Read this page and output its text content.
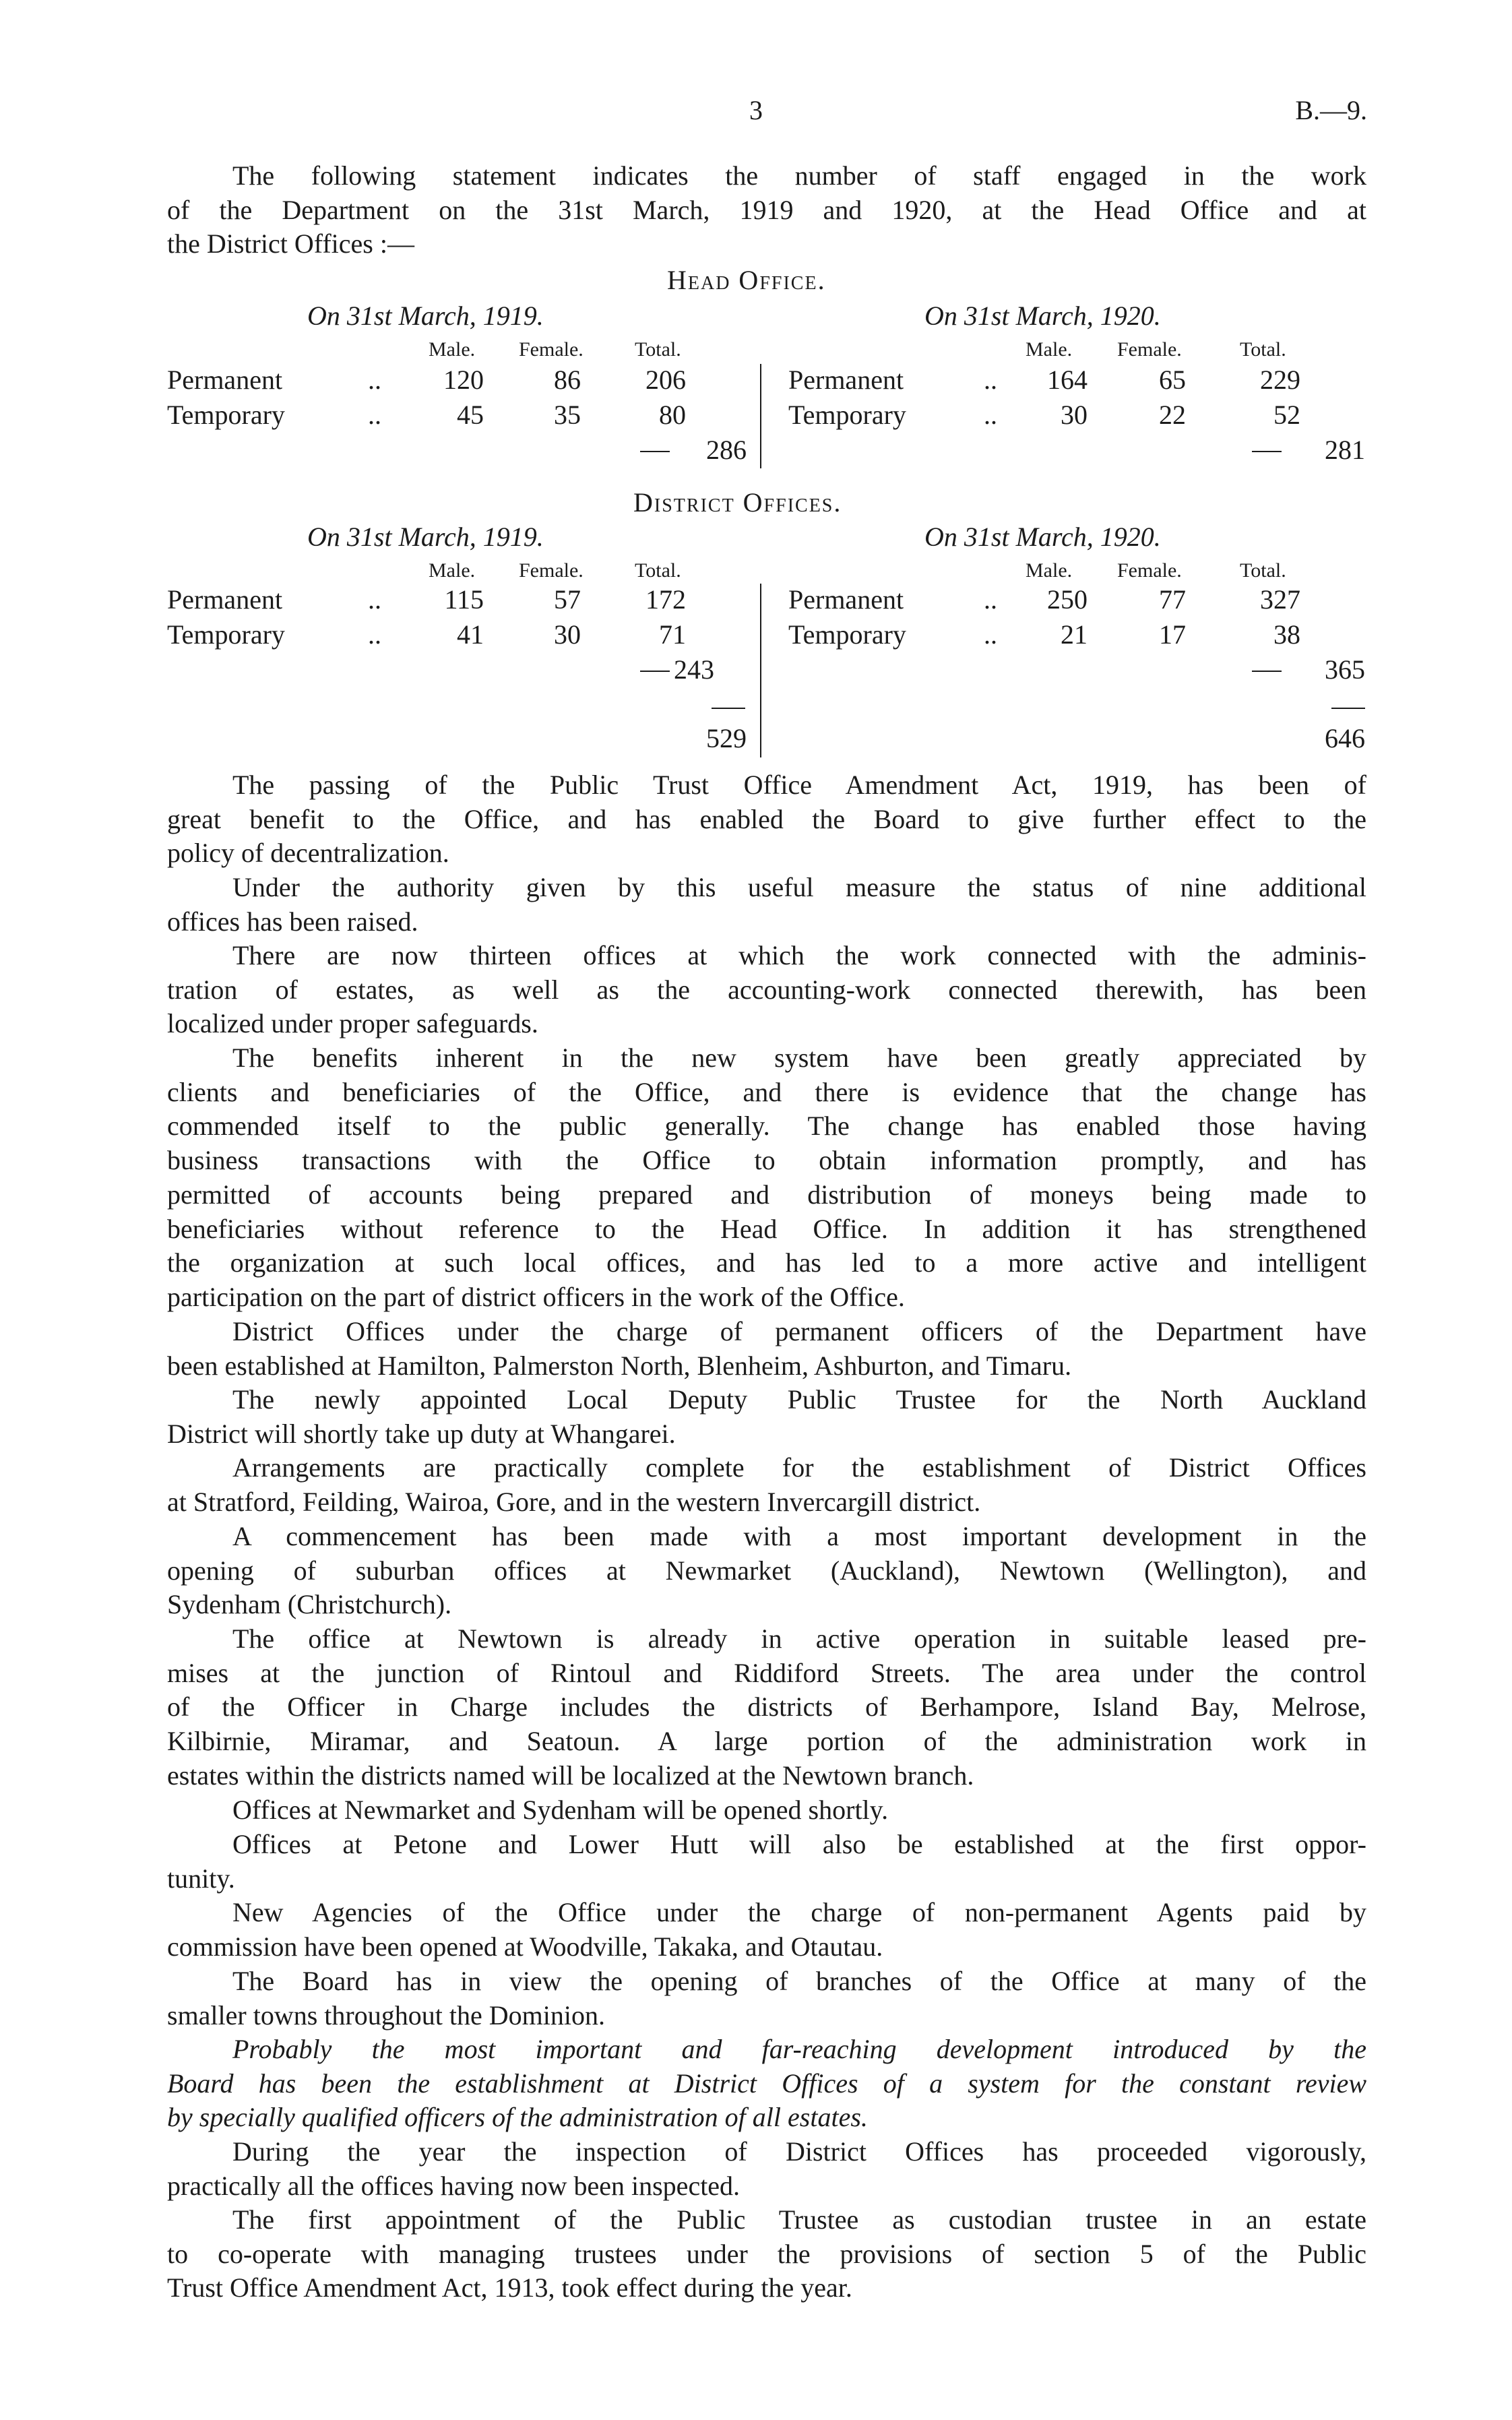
3	B.—9.
The following statement indicates the number of staff engaged in the work
of the Department on the 31st March, 1919 and 1920, at the Head Office and at
the District Offices :—
Head Office.
On 31st March, 1919.	On 31st March, 1920.
Male. Female.	Total.	Male. Female.	Total.
Permanent	..	120	86	206
Temporary	..	45	35	80
286
Permanent	..	164	65	229
Temporary	..	30	22	52
281
District Offices.
On 31st March, 1919.	On 31st March, 1920.
Male. Female.	Total.	Male. Female.	Total.
Permanent	..	115	57	172
Temporary	..	41	30	71
243
529
Permanent	..	250	77	327
Temporary	..	21	17	38
365
646
The passing of the Public Trust Office Amendment Act, 1919, has been of
great benefit to the Office, and has enabled the Board to give further effect to the
policy of decentralization.
Under the authority given by this useful measure the status of nine additional
offices has been raised.
There are now thirteen offices at which the work connected with the adminis-
tration of estates, as well as the accounting-work connected therewith, has been
localized under proper safeguards.
The benefits inherent in the new system have been greatly appreciated by
clients and beneficiaries of the Office, and there is evidence that the change has
commended itself to the public generally. The change has enabled those having
business transactions with the Office to obtain information promptly, and has
permitted of accounts being prepared and distribution of moneys being made to
beneficiaries without reference to the Head Office. In addition it has strengthened
the organization at such local offices, and has led to a more active and intelligent
participation on the part of district officers in the work of the Office.
District Offices under the charge of permanent officers of the Department have
been established at Hamilton, Palmerston North, Blenheim, Ashburton, and Timaru.
The newly appointed Local Deputy Public Trustee for the North Auckland
District will shortly take up duty at Whangarei.
Arrangements are practically complete for the establishment of District Offices
at Stratford, Feilding, Wairoa, Gore, and in the western Invercargill district.
A commencement has been made with a most important development in the
opening of suburban offices at Newmarket (Auckland), Newtown (Wellington), and
Sydenham (Christchurch).
The office at Newtown is already in active operation in suitable leased pre-
mises at the junction of Rintoul and Riddiford Streets. The area under the control
of the Officer in Charge includes the districts of Berhampore, Island Bay, Melrose,
Kilbirnie, Miramar, and Seatoun. A large portion of the administration work in
estates within the districts named will be localized at the Newtown branch.
Offices at Newmarket and Sydenham will be opened shortly.
Offices at Petone and Lower Hutt will also be established at the first oppor-
tunity.
New Agencies of the Office under the charge of non-permanent Agents paid by
commission have been opened at Woodville, Takaka, and Otautau.
The Board has in view the opening of branches of the Office at many of the
smaller towns throughout the Dominion.
Probably the most important and far-reaching development introduced by the
Board has been the establishment at District Offices of a system for the constant review
by specially qualified officers of the administration of all estates.
During the year the inspection of District Offices has proceeded vigorously,
practically all the offices having now been inspected.
The first appointment of the Public Trustee as custodian trustee in an estate
to co-operate with managing trustees under the provisions of section 5 of the Public
Trust Office Amendment Act, 1913, took effect during the year.
